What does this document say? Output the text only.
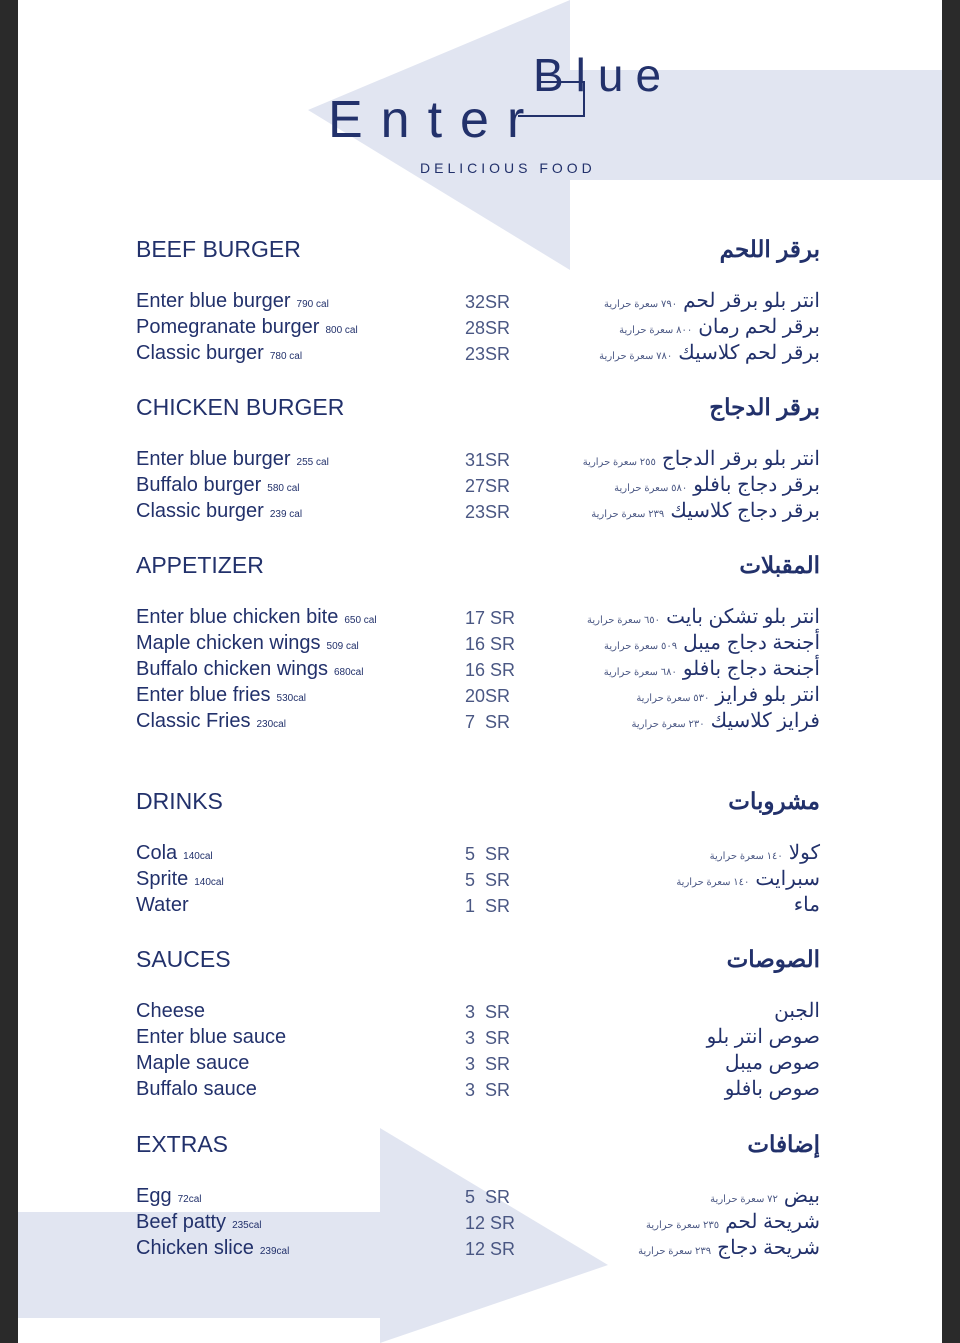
Blue
Enter
DELICIOUS FOOD
BEEF BURGER	برقر اللحم
Enter blue burger 790 cal	32SR	انتر بلو برقر لحم٧٩٠ سعرة حرارية
Pomegranate burger 800 cal	28SR	برقر لحم رمان٨٠٠ سعرة حرارية
Classic burger 780 cal	23SR	برقر لحم كلاسيك٧٨٠ سعرة حرارية
CHICKEN BURGER	برقر الدجاج
Enter blue burger 255 cal	31SR	انتر بلو برقر الدجاج٢٥٥ سعرة حرارية
Buffalo burger 580 cal	27SR	برقر دجاج بافلو٥٨٠ سعرة حرارية
Classic burger 239 cal	23SR	برقر دجاج كلاسيك٢٣٩ سعرة حرارية
APPETIZER	المقبلات
Enter blue chicken bite 650 cal	17 SR	انتر بلو تشكن بايت٦٥٠ سعرة حرارية
Maple chicken wings 509 cal	16 SR	أجنحة دجاج ميبل٥٠٩ سعرة حرارية
Buffalo chicken wings 680cal	16 SR	أجنحة دجاج بافلو٦٨٠ سعرة حرارية
Enter blue fries 530cal	20SR	انتر بلو فرايز٥٣٠ سعرة حرارية
Classic Fries 230cal	7  SR	فرايز كلاسيك٢٣٠ سعرة حرارية
DRINKS	مشروبات
Cola 140cal	5  SR	كولا١٤٠ سعرة حرارية
Sprite 140cal	5  SR	سبرايت١٤٠ سعرة حرارية
Water	1  SR	ماء
SAUCES	الصوصات
Cheese	3  SR	الجبن
Enter blue sauce	3  SR	صوص انتر بلو
Maple sauce	3  SR	صوص ميبل
Buffalo sauce	3  SR	صوص بافلو
EXTRAS	إضافات
Egg 72cal	5  SR	بيض٧٢ سعرة حرارية
Beef patty 235cal	12 SR	شريحة لحم٢٣٥ سعرة حرارية
Chicken slice 239cal	12 SR	شريحة دجاج٢٣٩ سعرة حرارية
